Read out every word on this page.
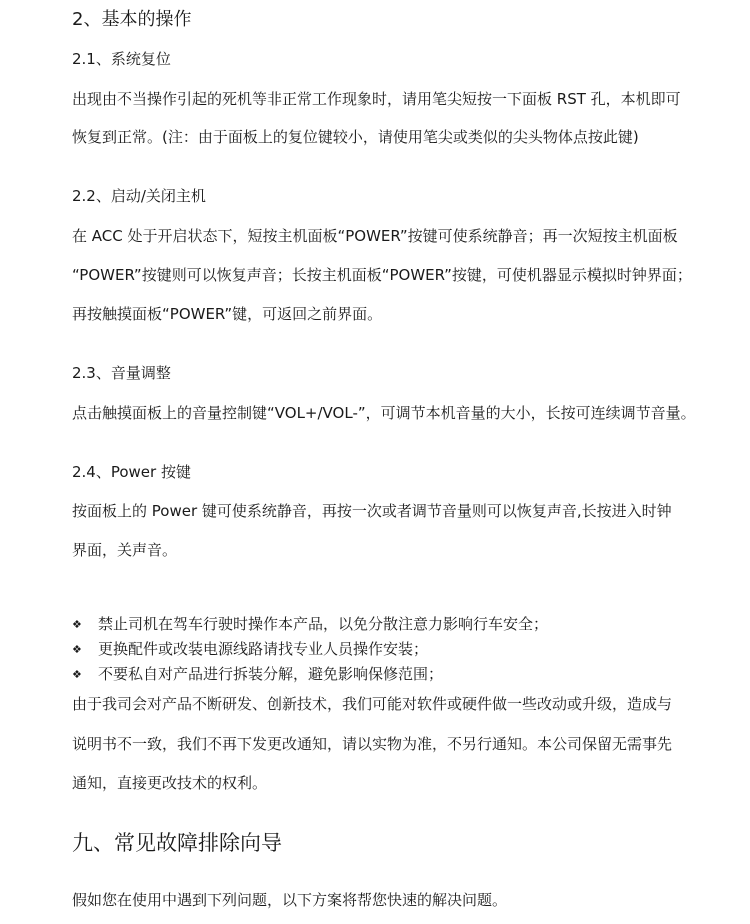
2、基本的操作
2.1、系统复位
出现由不当操作引起的死机等非正常工作现象时，请用笔尖短按一下面板 RST 孔，本机即可
恢复到正常。(注：由于面板上的复位键较小，请使用笔尖或类似的尖头物体点按此键)
2.2、启动/关闭主机
在 ACC 处于开启状态下，短按主机面板“POWER”按键可使系统静音；再一次短按主机面板
“POWER”按键则可以恢复声音；长按主机面板“POWER”按键，可使机器显示模拟时钟界面；
再按触摸面板“POWER”键，可返回之前界面。
2.3、音量调整
点击触摸面板上的音量控制键“VOL+/VOL-”，可调节本机音量的大小，长按可连续调节音量。
2.4、Power 按键
按面板上的 Power 键可使系统静音，再按一次或者调节音量则可以恢复声音,长按进入时钟
界面，关声音。
❖ 禁止司机在驾车行驶时操作本产品，以免分散注意力影响行车安全；
❖ 更换配件或改装电源线路请找专业人员操作安装；
❖ 不要私自对产品进行拆装分解，避免影响保修范围；
由于我司会对产品不断研发、创新技术，我们可能对软件或硬件做一些改动或升级，造成与
说明书不一致，我们不再下发更改通知，请以实物为准，不另行通知。本公司保留无需事先
通知，直接更改技术的权利。
九、常见故障排除向导
假如您在使用中遇到下列问题，以下方案将帮您快速的解决问题。
